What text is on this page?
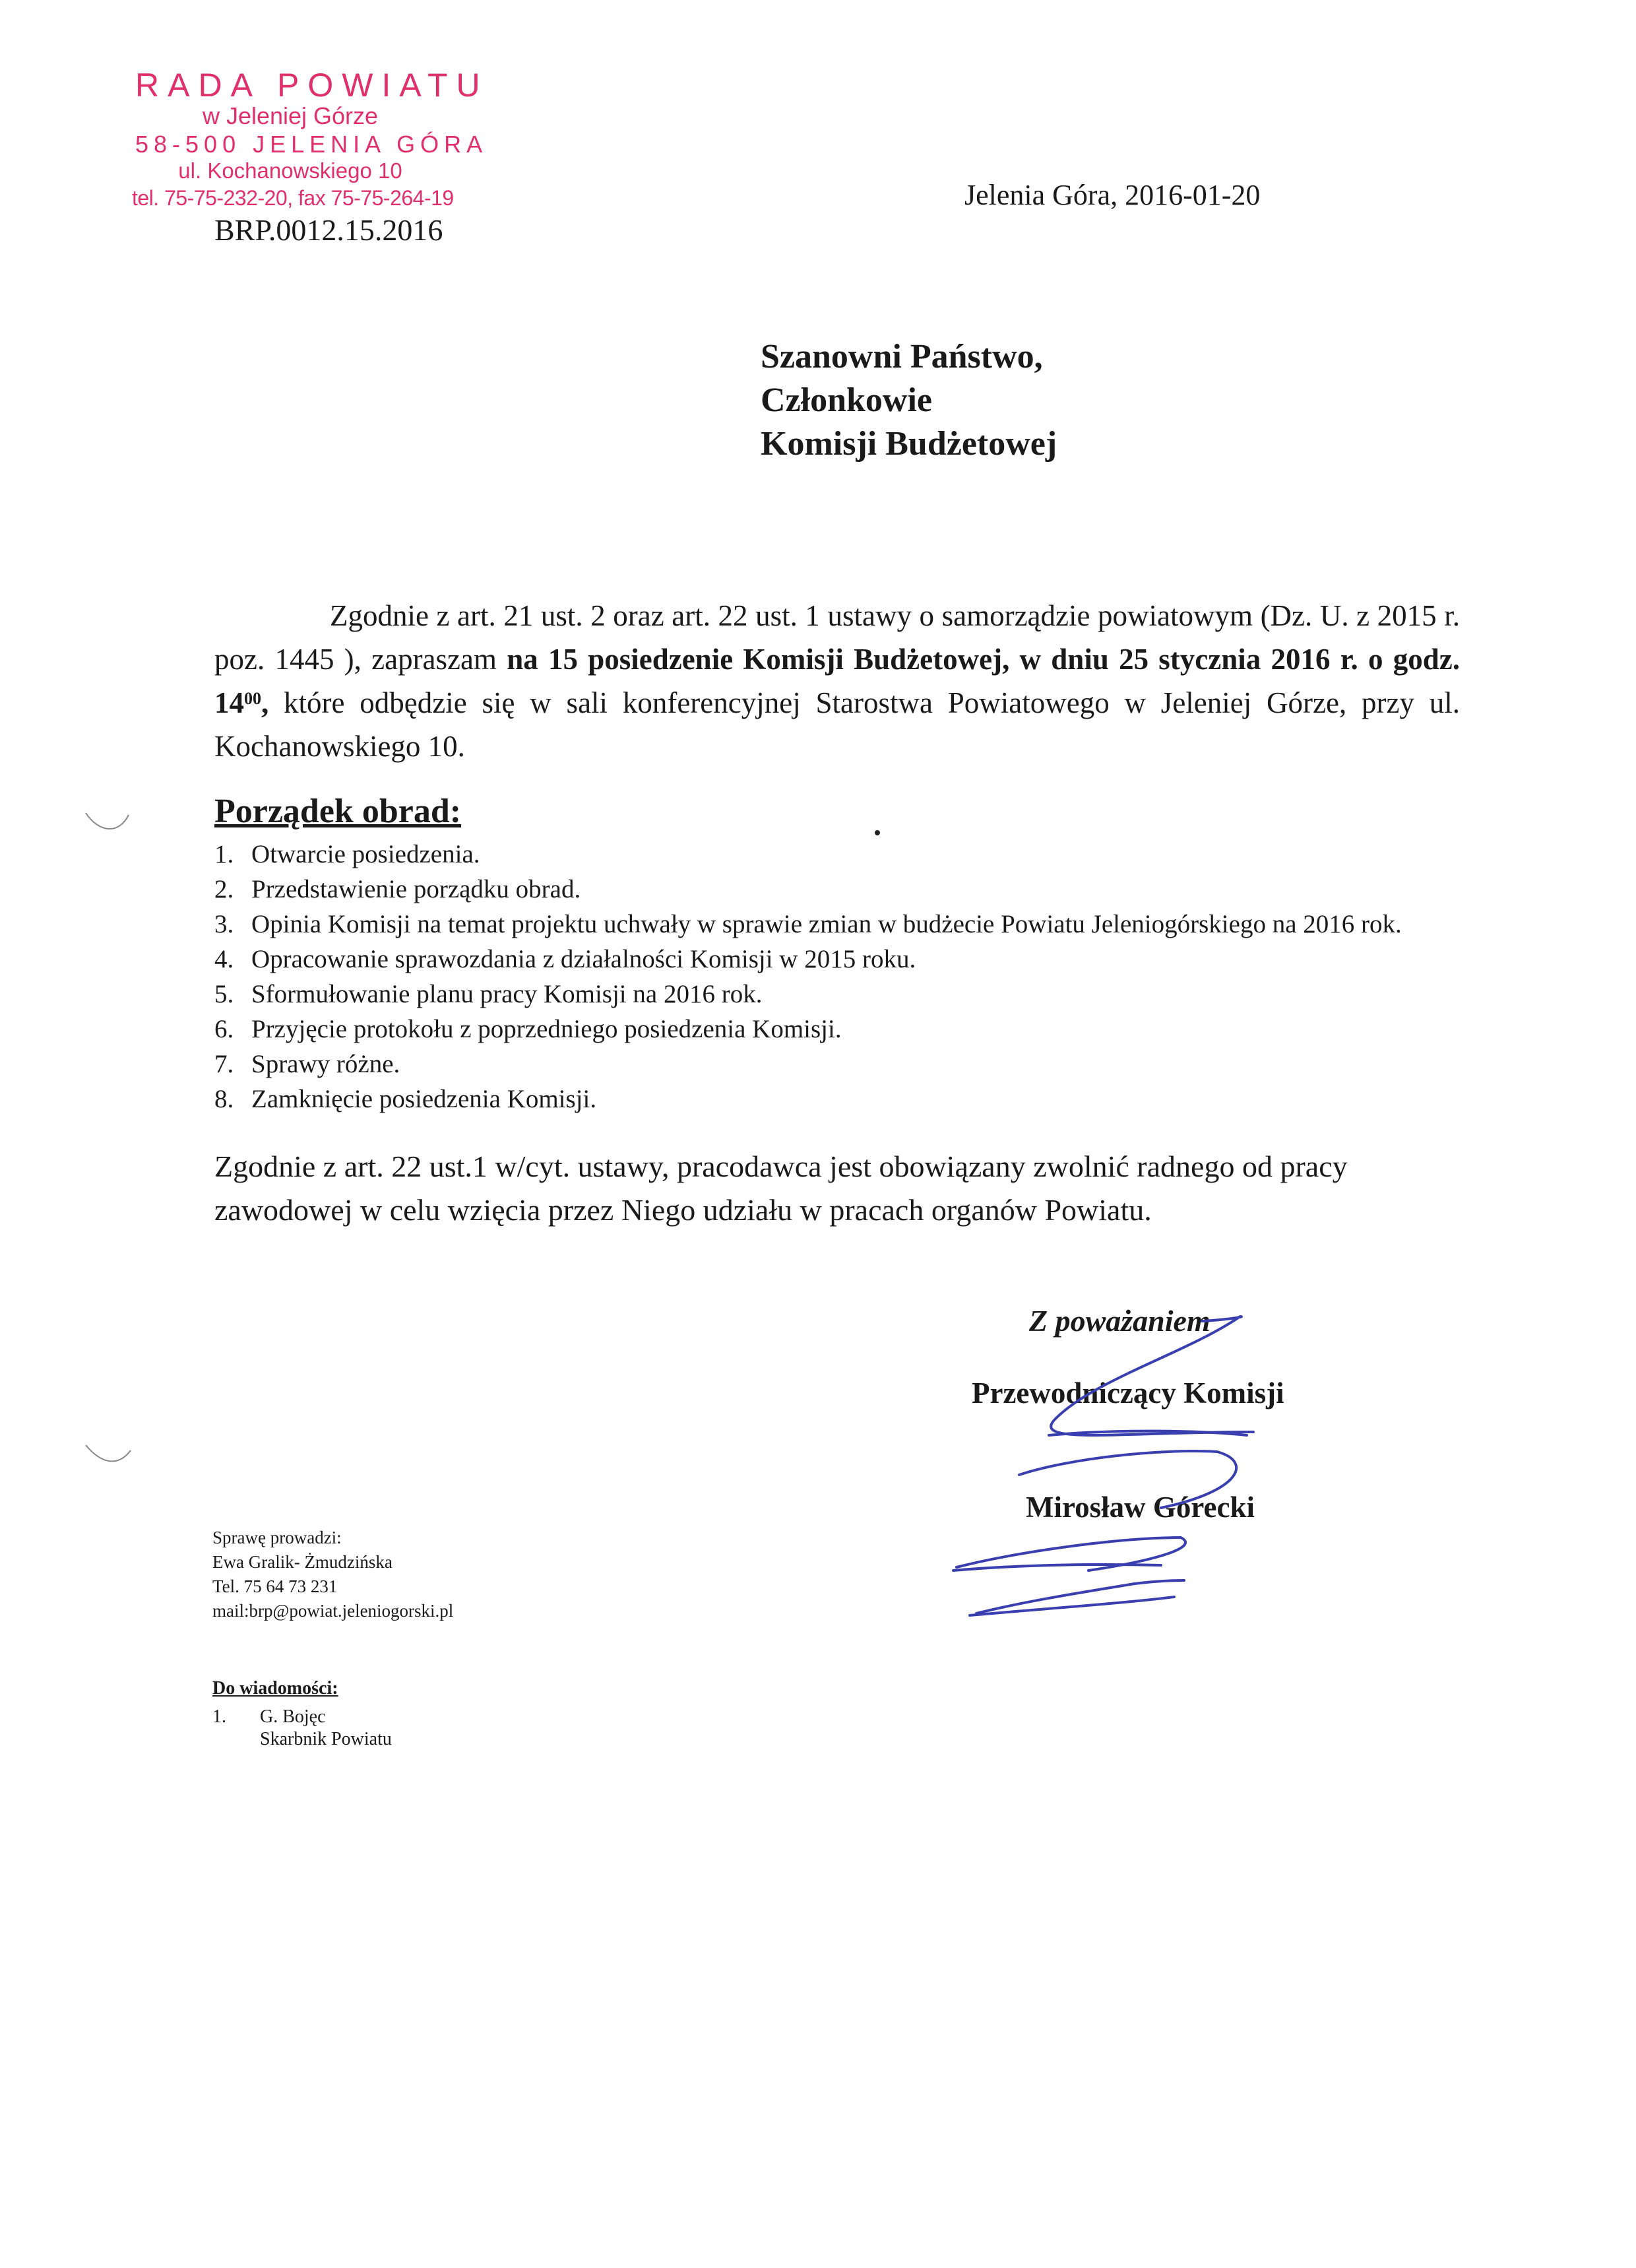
RADA POWIATU
w Jeleniej Górze
58-500 JELENIA GÓRA
ul. Kochanowskiego 10
tel. 75-75-232-20, fax 75-75-264-19
BRP.0012.15.2016
Jelenia Góra, 2016-01-20
Szanowni Państwo,
Członkowie
Komisji Budżetowej
Zgodnie z art. 21 ust. 2 oraz art. 22 ust. 1 ustawy o samorządzie powiatowym (Dz. U. z 2015 r. poz. 1445 ), zapraszam na 15 posiedzenie Komisji Budżetowej, w dniu 25 stycznia 2016 r. o godz. $14^{00}$, które odbędzie się w sali konferencyjnej Starostwa Powiatowego w Jeleniej Górze, przy ul. Kochanowskiego 10.
Porządek obrad:
1. Otwarcie posiedzenia.
2. Przedstawienie porządku obrad.
3. Opinia Komisji na temat projektu uchwały w sprawie zmian w budżecie Powiatu Jeleniogórskiego na 2016 rok.
4. Opracowanie sprawozdania z działalności Komisji w 2015 roku.
5. Sformułowanie planu pracy Komisji na 2016 rok.
6. Przyjęcie protokołu z poprzedniego posiedzenia Komisji.
7. Sprawy różne.
8. Zamknięcie posiedzenia Komisji.
Zgodnie z art. 22 ust.1 w/cyt. ustawy, pracodawca jest obowiązany zwolnić radnego od pracy zawodowej w celu wzięcia przez Niego udziału w pracach organów Powiatu.
Z poważaniem
Przewodniczący Komisji
Mirosław Górecki
Sprawę prowadzi:
Ewa Gralik- Żmudzińska
Tel. 75 64 73 231
mail:brp@powiat.jeleniogorski.pl
Do wiadomości:
1. G. Bojęc
Skarbnik Powiatu
